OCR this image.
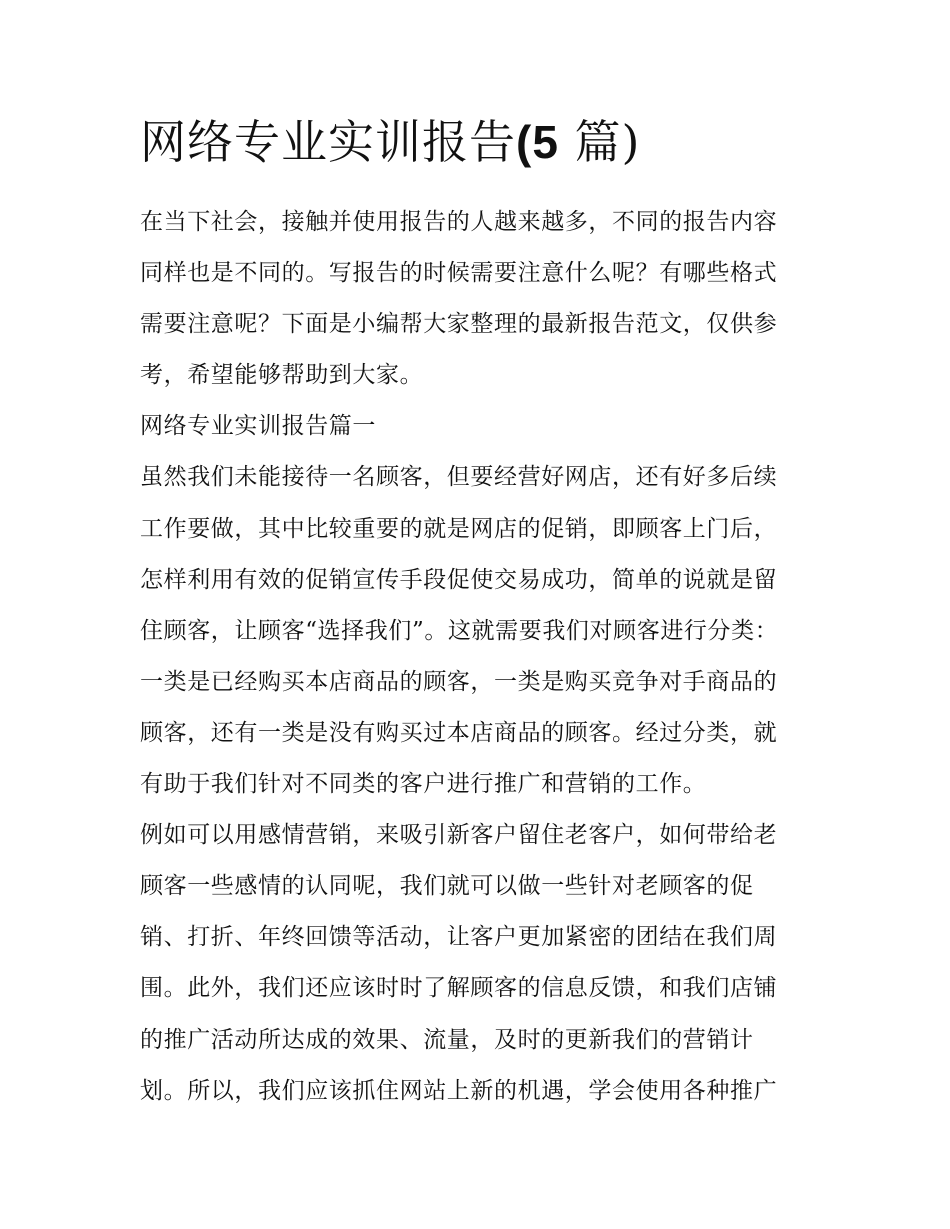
网络专业实训报告(5 篇)
在当下社会，接触并使用报告的人越来越多，不同的报告内容
同样也是不同的。写报告的时候需要注意什么呢？有哪些格式
需要注意呢？下面是小编帮大家整理的最新报告范文，仅供参
考，希望能够帮助到大家。
网络专业实训报告篇一
虽然我们未能接待一名顾客，但要经营好网店，还有好多后续
工作要做，其中比较重要的就是网店的促销，即顾客上门后，
怎样利用有效的促销宣传手段促使交易成功，简单的说就是留
住顾客，让顾客“选择我们”。这就需要我们对顾客进行分类：
一类是已经购买本店商品的顾客，一类是购买竞争对手商品的
顾客，还有一类是没有购买过本店商品的顾客。经过分类，就
有助于我们针对不同类的客户进行推广和营销的工作。
例如可以用感情营销，来吸引新客户留住老客户，如何带给老
顾客一些感情的认同呢，我们就可以做一些针对老顾客的促
销、打折、年终回馈等活动，让客户更加紧密的团结在我们周
围。此外，我们还应该时时了解顾客的信息反馈，和我们店铺
的推广活动所达成的效果、流量，及时的更新我们的营销计
划。所以，我们应该抓住网站上新的机遇，学会使用各种推广
